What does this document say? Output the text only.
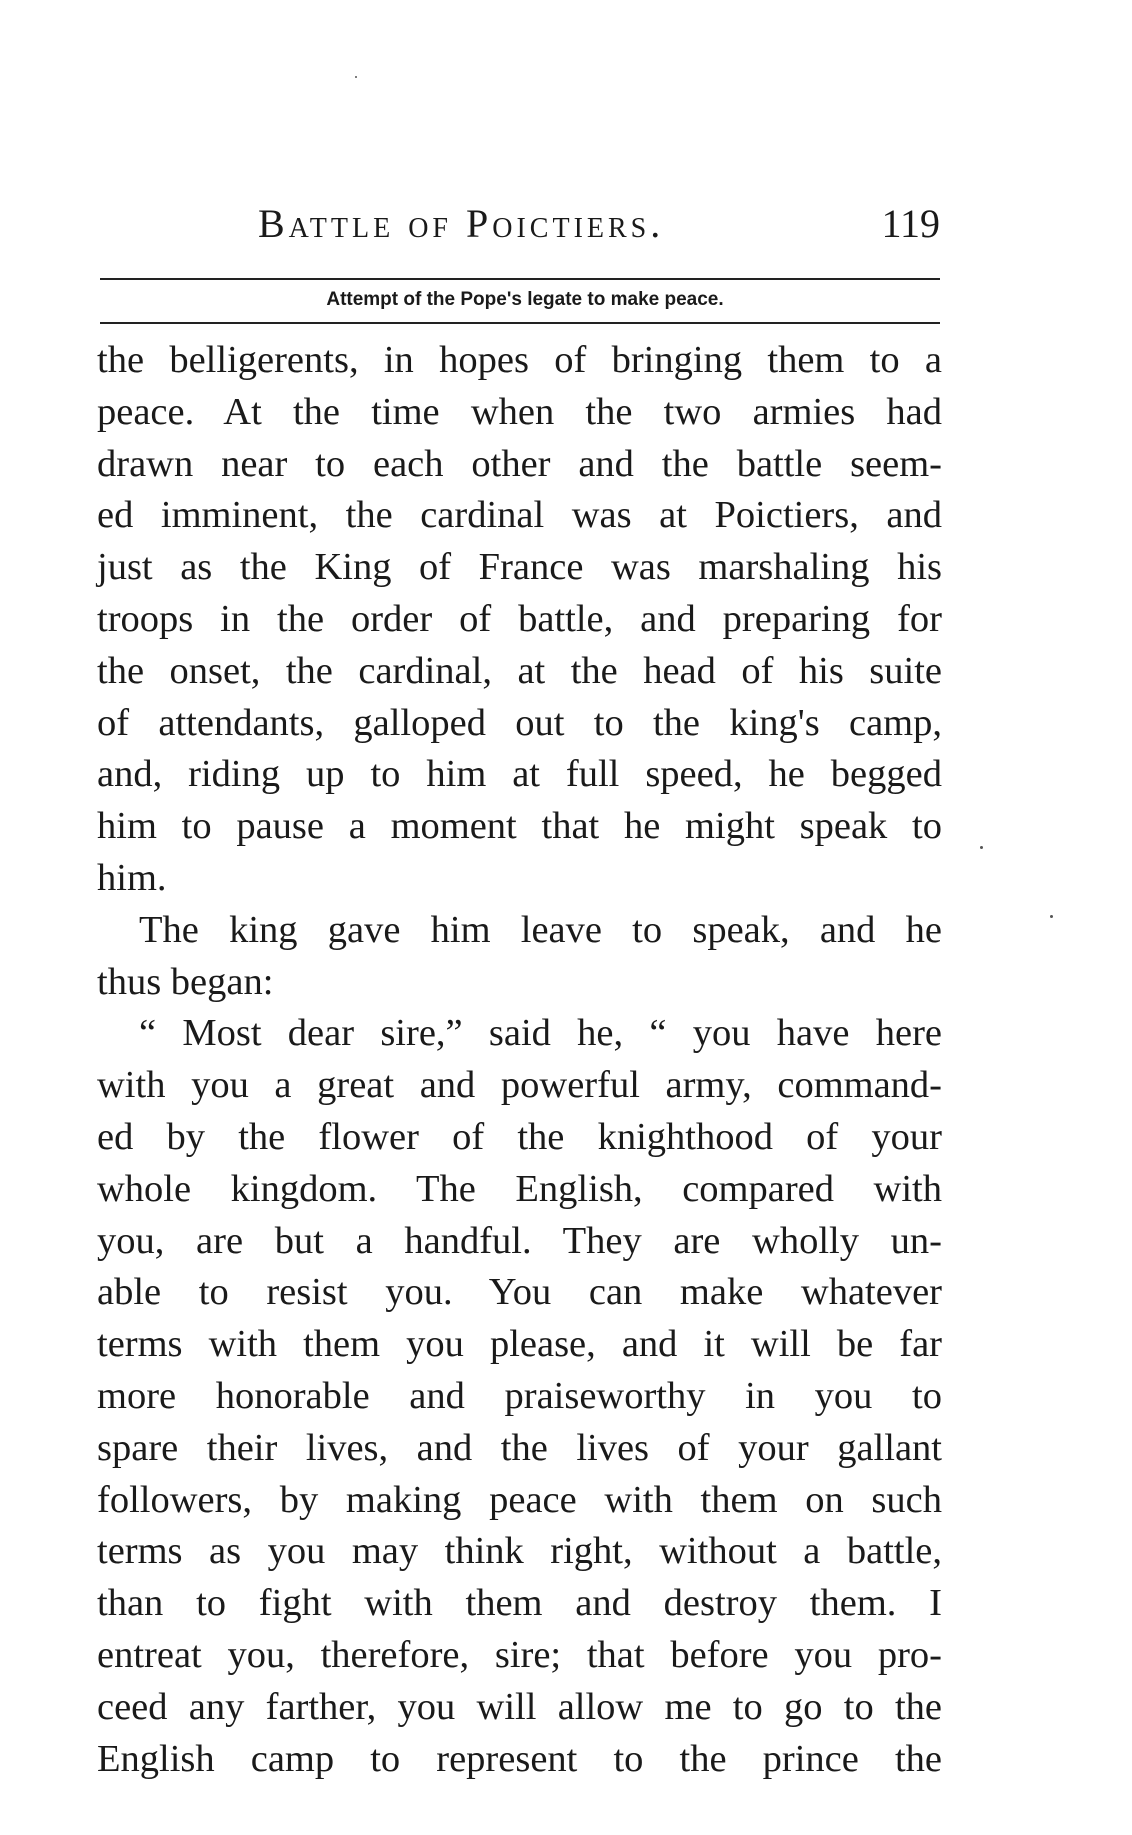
Battle of Poictiers.	119
Attempt of the Pope's legate to make peace.
the belligerents, in hopes of bringing them to a
peace. At the time when the two armies had
drawn near to each other and the battle seem-
ed imminent, the cardinal was at Poictiers, and
just as the King of France was marshaling his
troops in the order of battle, and preparing for
the onset, the cardinal, at the head of his suite
of attendants, galloped out to the king's camp,
and, riding up to him at full speed, he begged
him to pause a moment that he might speak to
him.
The king gave him leave to speak, and he
thus began:
“ Most dear sire,” said he, “ you have here
with you a great and powerful army, command-
ed by the flower of the knighthood of your
whole kingdom. The English, compared with
you, are but a handful. They are wholly un-
able to resist you. You can make whatever
terms with them you please, and it will be far
more honorable and praiseworthy in you to
spare their lives, and the lives of your gallant
followers, by making peace with them on such
terms as you may think right, without a battle,
than to fight with them and destroy them. I
entreat you, therefore, sire; that before you pro-
ceed any farther, you will allow me to go to the
English camp to represent to the prince the
